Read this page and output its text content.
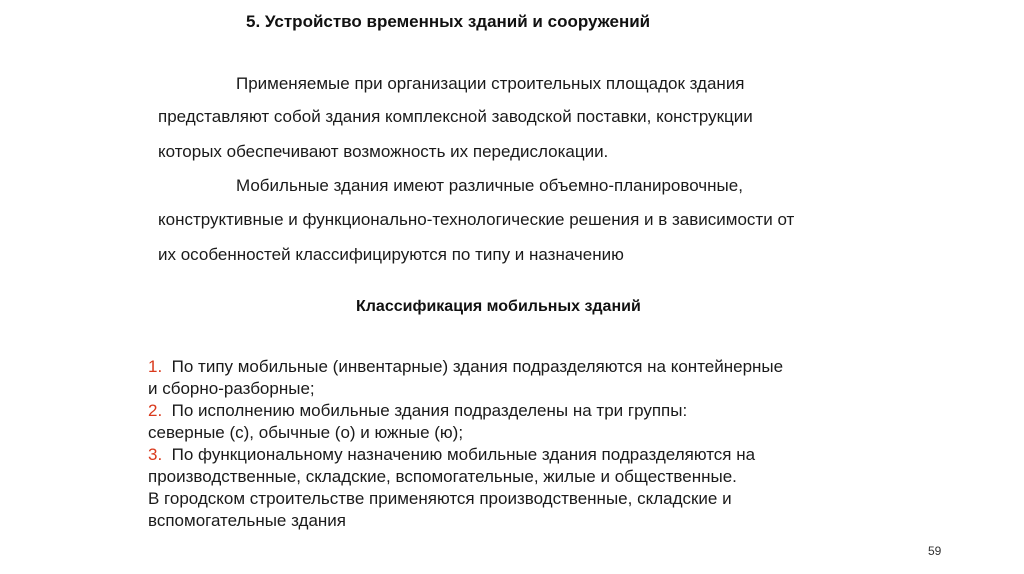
5. Устройство временных зданий и сооружений
Применяемые при организации строительных площадок здания
представляют собой здания комплексной заводской поставки, конструкции
которых обеспечивают возможность их передислокации.
Мобильные здания имеют различные объемно-планировочные,
конструктивные и функционально-технологические решения и в зависимости от
их особенностей классифицируются по типу и назначению
Классификация мобильных зданий
1. По типу мобильные (инвентарные) здания подразделяются на контейнерные
и сборно-разборные;
2. По исполнению мобильные здания подразделены на три группы:
северные (с), обычные (о) и южные (ю);
3. По функциональному назначению мобильные здания подразделяются на
производственные, складские, вспомогательные, жилые и общественные.
В городском строительстве применяются производственные, складские и
вспомогательные здания
59
